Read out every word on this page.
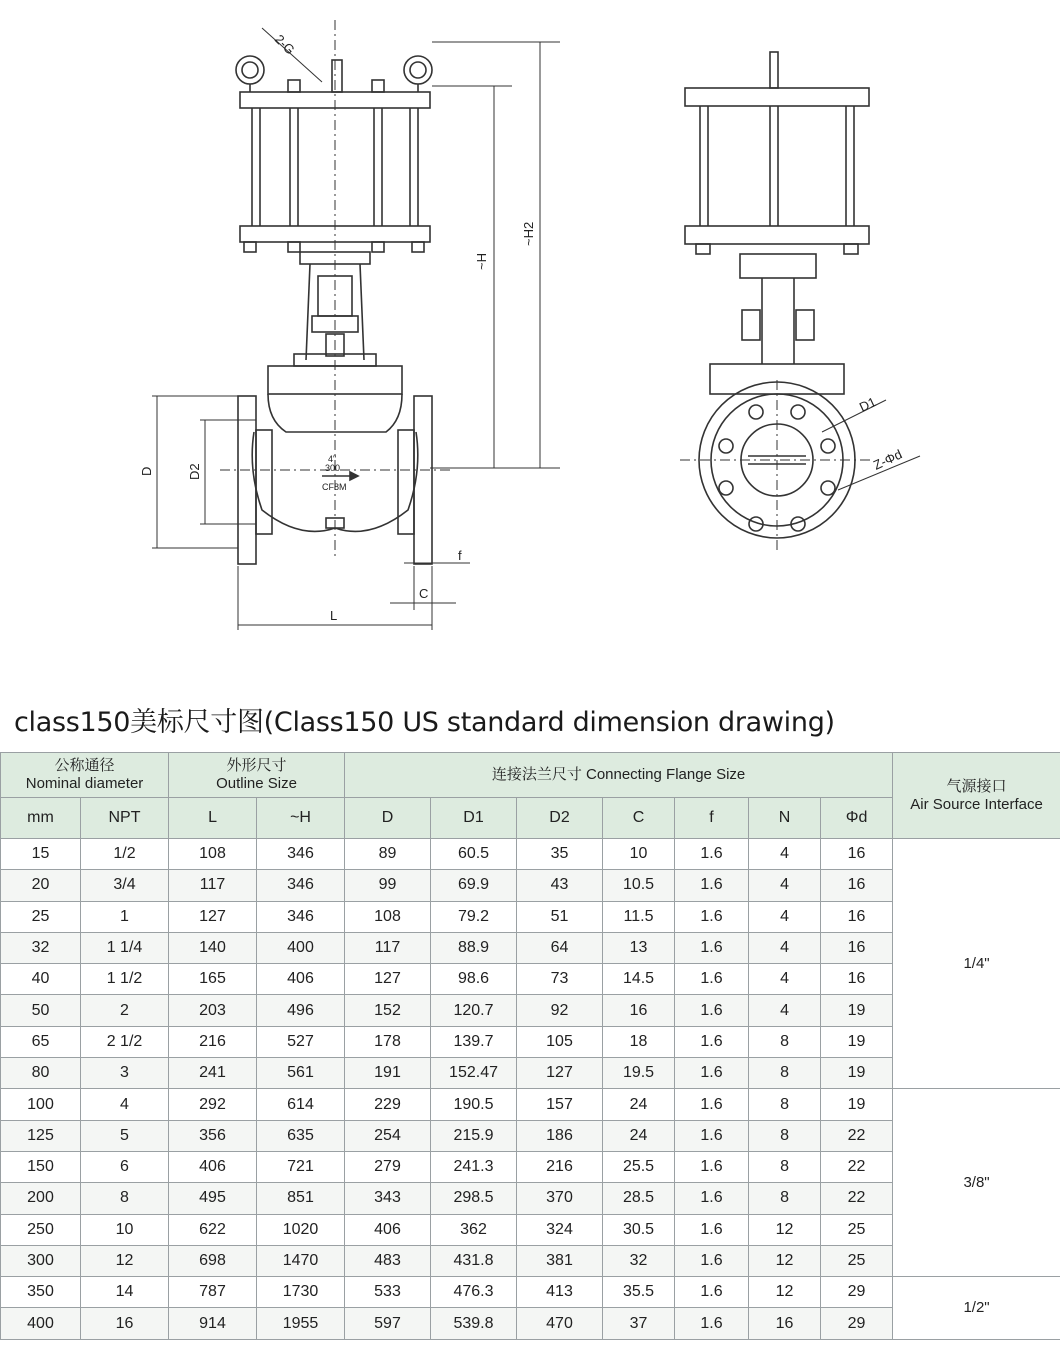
2-G
~H
~H2
D	D2
f
C
L
D1
Z-Φd
4"
300
CF8M
class150美标尺寸图(Class150 US standard dimension drawing)
公称通径
Nominal diameter		外形尺寸
Outline Size		连接法兰尺寸 Connecting Flange Size							气源接口
Air Source Interface

mm	NPT	L	~H	D	D1	D2	C	f	N	Φd	
15	1/2	108	346	89	60.5	35	10	1.6	4	16	1/4"
20	3/4	117	346	99	69.9	43	10.5	1.6	4	16	
25	1	127	346	108	79.2	51	11.5	1.6	4	16	
32	1 1/4	140	400	117	88.9	64	13	1.6	4	16	
40	1 1/2	165	406	127	98.6	73	14.5	1.6	4	16	
50	2	203	496	152	120.7	92	16	1.6	4	19	
65	2 1/2	216	527	178	139.7	105	18	1.6	8	19	
80	3	241	561	191	152.47	127	19.5	1.6	8	19	
100	4	292	614	229	190.5	157	24	1.6	8	19	3/8"
125	5	356	635	254	215.9	186	24	1.6	8	22	
150	6	406	721	279	241.3	216	25.5	1.6	8	22	
200	8	495	851	343	298.5	370	28.5	1.6	8	22	
250	10	622	1020	406	362	324	30.5	1.6	12	25	
300	12	698	1470	483	431.8	381	32	1.6	12	25	
350	14	787	1730	533	476.3	413	35.5	1.6	12	29	1/2"
400	16	914	1955	597	539.8	470	37	1.6	16	29	
